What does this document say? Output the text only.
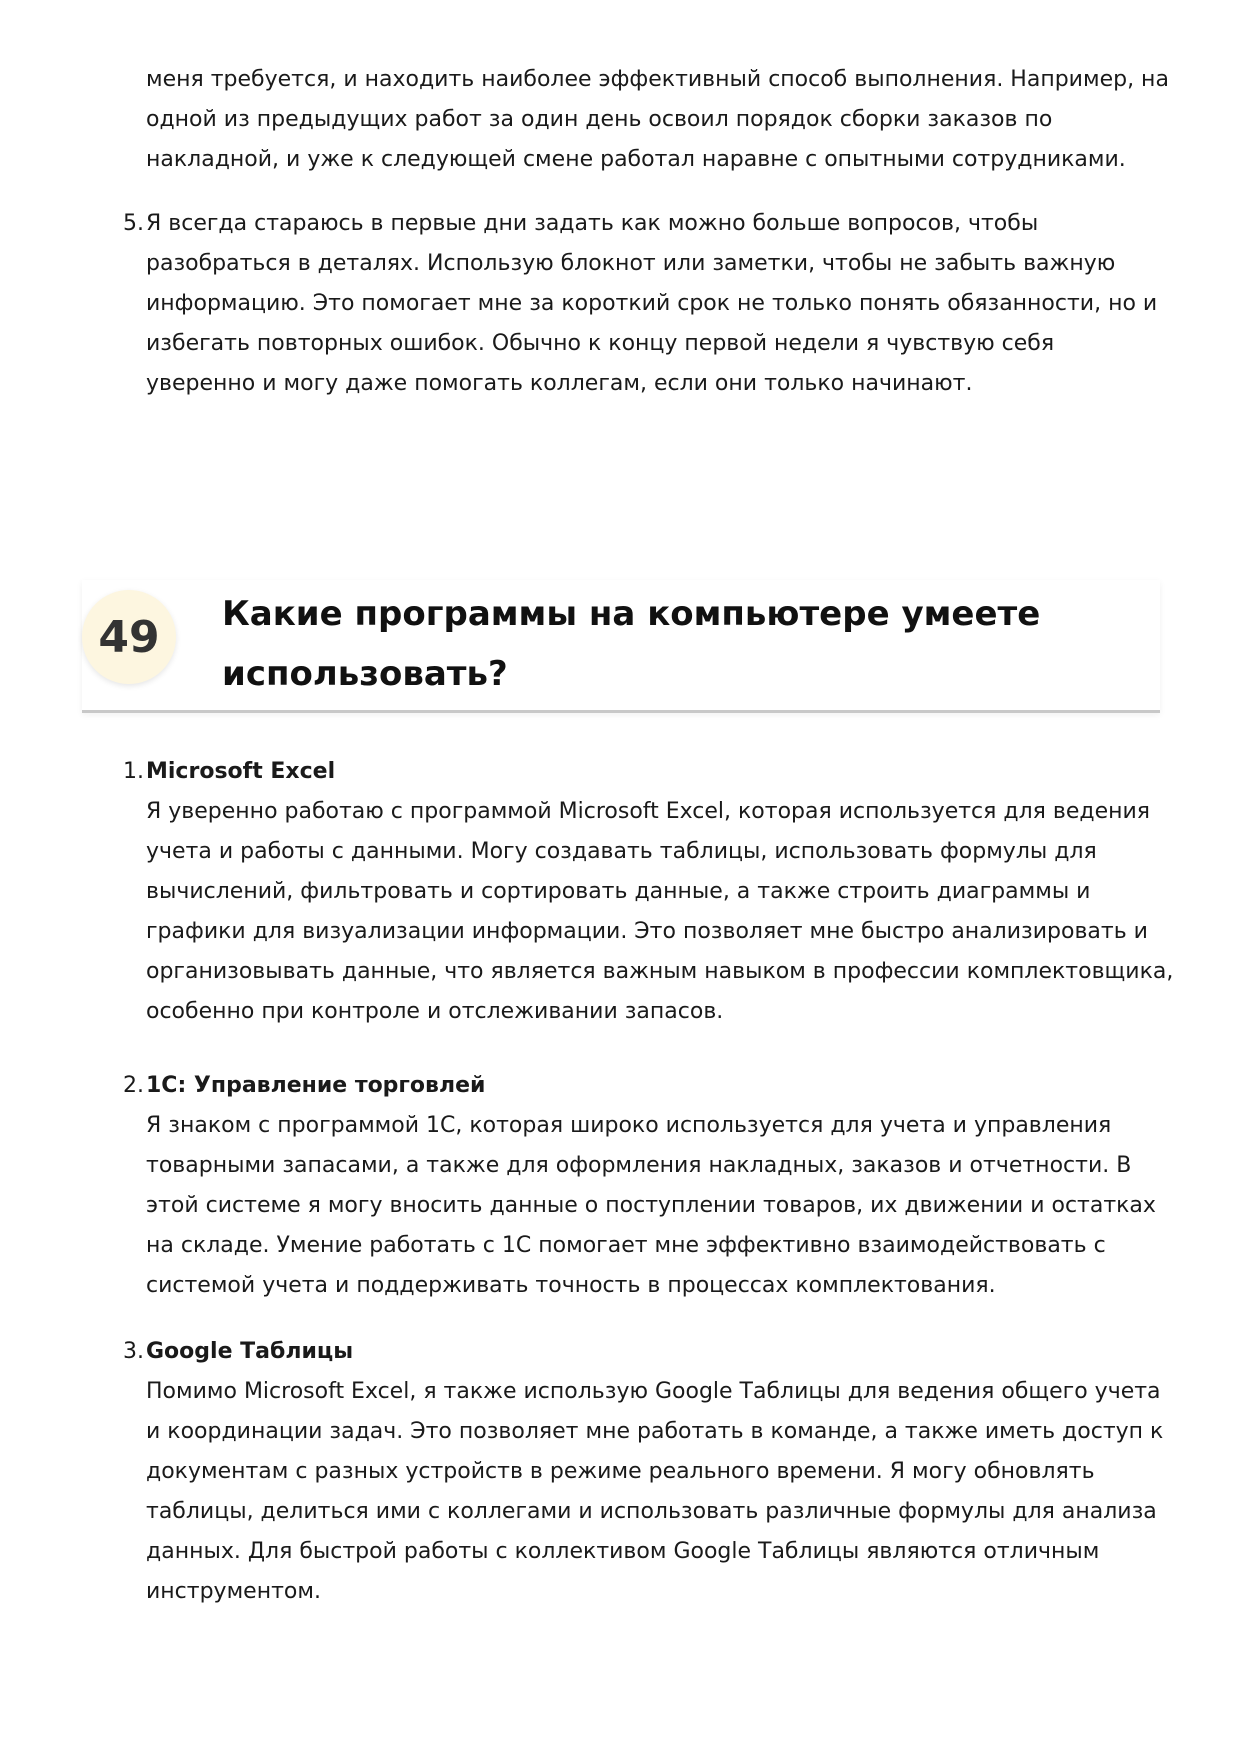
меня требуется, и находить наиболее эффективный способ выполнения. Например, на
одной из предыдущих работ за один день освоил порядок сборки заказов по
накладной, и уже к следующей смене работал наравне с опытными сотрудниками.

5. Я всегда стараюсь в первые дни задать как можно больше вопросов, чтобы
разобраться в деталях. Использую блокнот или заметки, чтобы не забыть важную
информацию. Это помогает мне за короткий срок не только понять обязанности, но и
избегать повторных ошибок. Обычно к концу первой недели я чувствую себя
уверенно и могу даже помогать коллегам, если они только начинают.
49	Какие программы на компьютере умеете
использовать?
1. Microsoft Excel
Я уверенно работаю с программой Microsoft Excel, которая используется для ведения
учета и работы с данными. Могу создавать таблицы, использовать формулы для
вычислений, фильтровать и сортировать данные, а также строить диаграммы и
графики для визуализации информации. Это позволяет мне быстро анализировать и
организовывать данные, что является важным навыком в профессии комплектовщика,
особенно при контроле и отслеживании запасов.
2. 1С: Управление торговлей
Я знаком с программой 1С, которая широко используется для учета и управления
товарными запасами, а также для оформления накладных, заказов и отчетности. В
этой системе я могу вносить данные о поступлении товаров, их движении и остатках
на складе. Умение работать с 1С помогает мне эффективно взаимодействовать с
системой учета и поддерживать точность в процессах комплектования.
3. Google Таблицы
Помимо Microsoft Excel, я также использую Google Таблицы для ведения общего учета
и координации задач. Это позволяет мне работать в команде, а также иметь доступ к
документам с разных устройств в режиме реального времени. Я могу обновлять
таблицы, делиться ими с коллегами и использовать различные формулы для анализа
данных. Для быстрой работы с коллективом Google Таблицы являются отличным
инструментом.
